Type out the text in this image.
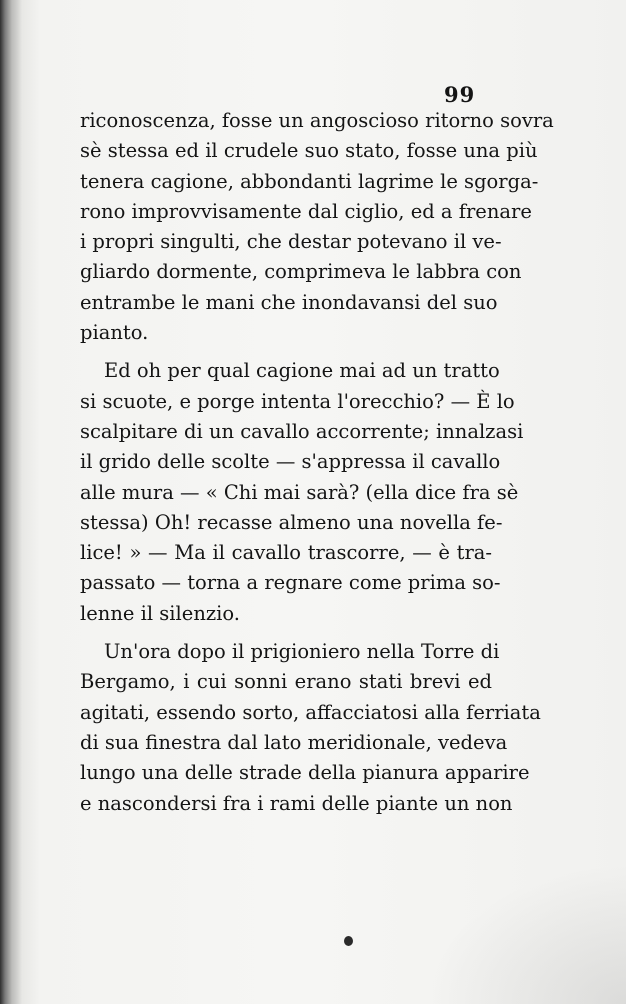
99
riconoscenza, fosse un angoscioso ritorno sovra
sè stessa ed il crudele suo stato, fosse una più
tenera cagione, abbondanti lagrime le sgorga-
rono improvvisamente dal ciglio, ed a frenare
i propri singulti, che destar potevano il ve-
gliardo dormente, comprimeva le labbra con
entrambe le mani che inondavansi del suo
pianto.
Ed oh per qual cagione mai ad un tratto
si scuote, e porge intenta l'orecchio? — È lo
scalpitare di un cavallo accorrente; innalzasi
il grido delle scolte — s'appressa il cavallo
alle mura — « Chi mai sarà? (ella dice fra sè
stessa) Oh! recasse almeno una novella fe-
lice! » — Ma il cavallo trascorre, — è tra-
passato — torna a regnare come prima so-
lenne il silenzio.
Un'ora dopo il prigioniero nella Torre di
Bergamo, i cui sonni erano stati brevi ed
agitati, essendo sorto, affacciatosi alla ferriata
di sua finestra dal lato meridionale, vedeva
lungo una delle strade della pianura apparire
e nascondersi fra i rami delle piante un non
